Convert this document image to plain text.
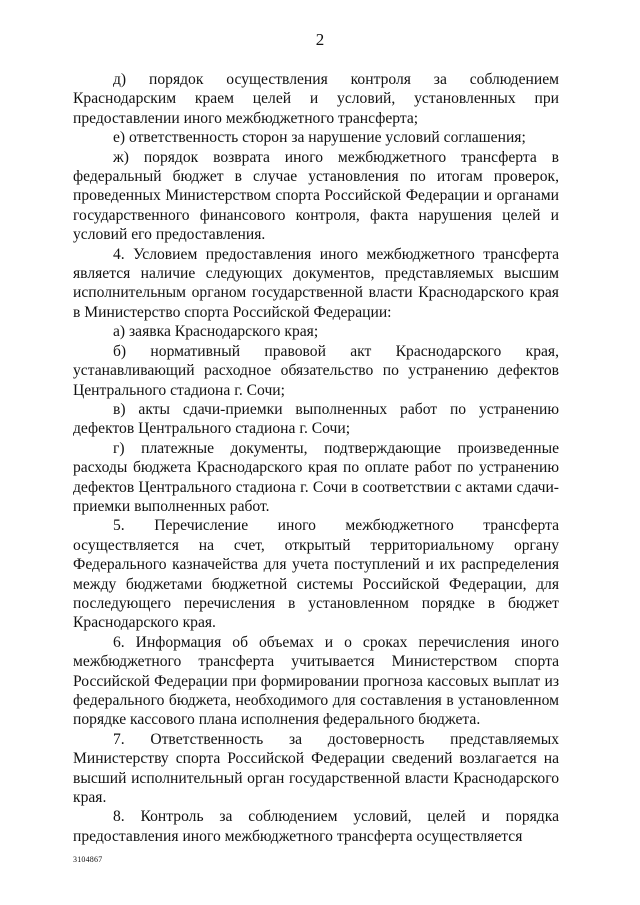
2

д) порядок осуществления контроля за соблюдением Краснодарским краем целей и условий, установленных при предоставлении иного межбюджетного трансферта;

е) ответственность сторон за нарушение условий соглашения;

ж) порядок возврата иного межбюджетного трансферта в федеральный бюджет в случае установления по итогам проверок, проведенных Министерством спорта Российской Федерации и органами государственного финансового контроля, факта нарушения целей и условий его предоставления.

4. Условием предоставления иного межбюджетного трансферта является наличие следующих документов, представляемых высшим исполнительным органом государственной власти Краснодарского края в Министерство спорта Российской Федерации:

а) заявка Краснодарского края;

б) нормативный правовой акт Краснодарского края, устанавливающий расходное обязательство по устранению дефектов Центрального стадиона г. Сочи;

в) акты сдачи-приемки выполненных работ по устранению дефектов Центрального стадиона г. Сочи;

г) платежные документы, подтверждающие произведенные расходы бюджета Краснодарского края по оплате работ по устранению дефектов Центрального стадиона г. Сочи в соответствии с актами сдачи-приемки выполненных работ.

5. Перечисление иного межбюджетного трансферта осуществляется на счет, открытый территориальному органу Федерального казначейства для учета поступлений и их распределения между бюджетами бюджетной системы Российской Федерации, для последующего перечисления в установленном порядке в бюджет Краснодарского края.

6. Информация об объемах и о сроках перечисления иного межбюджетного трансферта учитывается Министерством спорта Российской Федерации при формировании прогноза кассовых выплат из федерального бюджета, необходимого для составления в установленном порядке кассового плана исполнения федерального бюджета.

7. Ответственность за достоверность представляемых Министерству спорта Российской Федерации сведений возлагается на высший исполнительный орган государственной власти Краснодарского края.

8. Контроль за соблюдением условий, целей и порядка предоставления иного межбюджетного трансферта осуществляется

3104867
